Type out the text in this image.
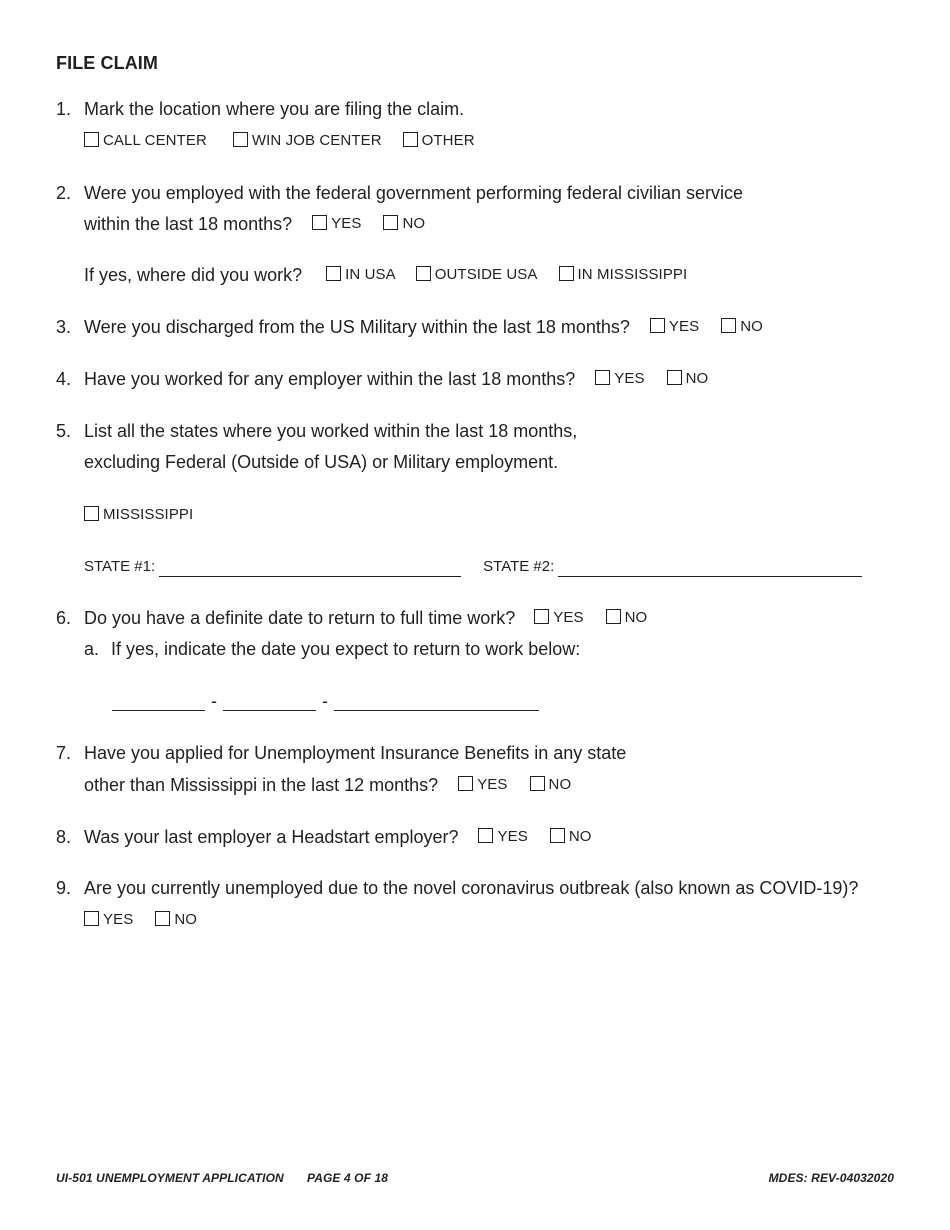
FILE CLAIM
1. Mark the location where you are filing the claim.
CALL CENTER	WIN JOB CENTER	OTHER
2. Were you employed with the federal government performing federal civilian service
within the last 18 months?	YES	NO
If yes, where did you work?	IN USA	OUTSIDE USA	IN MISSISSIPPI
3. Were you discharged from the US Military within the last 18 months?	YES	NO
4. Have you worked for any employer within the last 18 months?	YES	NO
5. List all the states where you worked within the last 18 months,
excluding Federal (Outside of USA) or Military employment.
MISSISSIPPI
STATE #1:	STATE #2:
6. Do you have a definite date to return to full time work?	YES	NO
a. If yes, indicate the date you expect to return to work below:
-	-
7. Have you applied for Unemployment Insurance Benefits in any state
other than Mississippi in the last 12 months?	YES	NO
8. Was your last employer a Headstart employer?	YES	NO
9. Are you currently unemployed due to the novel coronavirus outbreak (also known as COVID-19)?
YES	NO
UI-501 UNEMPLOYMENT APPLICATION PAGE 4 OF 18	MDES: REV-04032020
